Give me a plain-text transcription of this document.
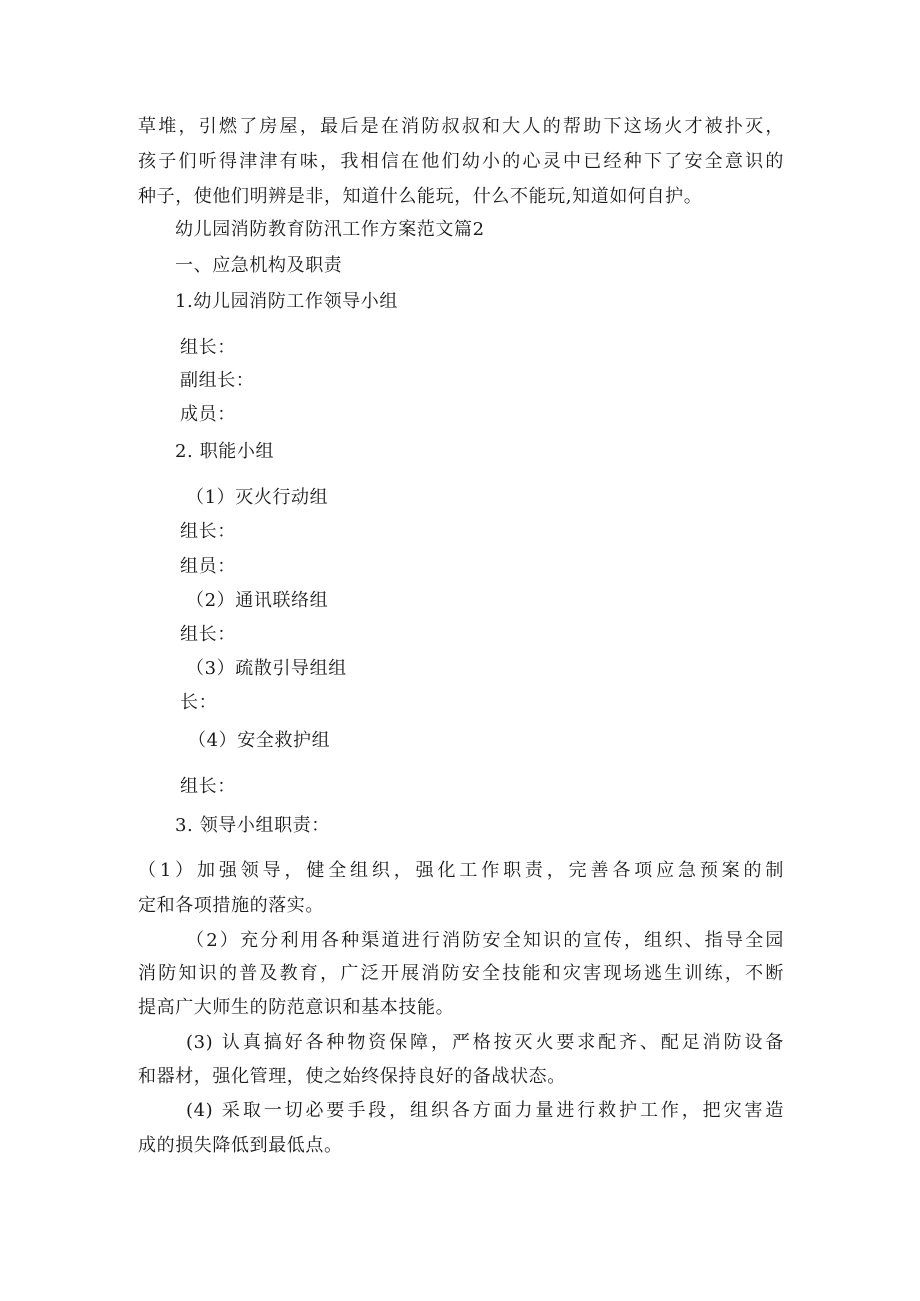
草堆，引燃了房屋，最后是在消防叔叔和大人的帮助下这场火才被扑灭，
孩子们听得津津有味，我相信在他们幼小的心灵中已经种下了安全意识的
种子，使他们明辨是非，知道什么能玩，什么不能玩,知道如何自护。
幼儿园消防教育防汛工作方案范文篇2
一、应急机构及职责
1.幼儿园消防工作领导小组
组长：
副组长：
成员：
2. 职能小组
（1）灭火行动组
组长：
组员：
（2）通讯联络组
组长：
（3）疏散引导组组
长：
（4）安全救护组
组长：
3. 领导小组职责：
（1）加强领导，健全组织，强化工作职责，完善各项应急预案的制
定和各项措施的落实。
（2）充分利用各种渠道进行消防安全知识的宣传，组织、指导全园
消防知识的普及教育，广泛开展消防安全技能和灾害现场逃生训练，不断
提高广大师生的防范意识和基本技能。
(3) 认真搞好各种物资保障，严格按灭火要求配齐、配足消防设备
和器材，强化管理，使之始终保持良好的备战状态。
(4) 采取一切必要手段，组织各方面力量进行救护工作，把灾害造
成的损失降低到最低点。
